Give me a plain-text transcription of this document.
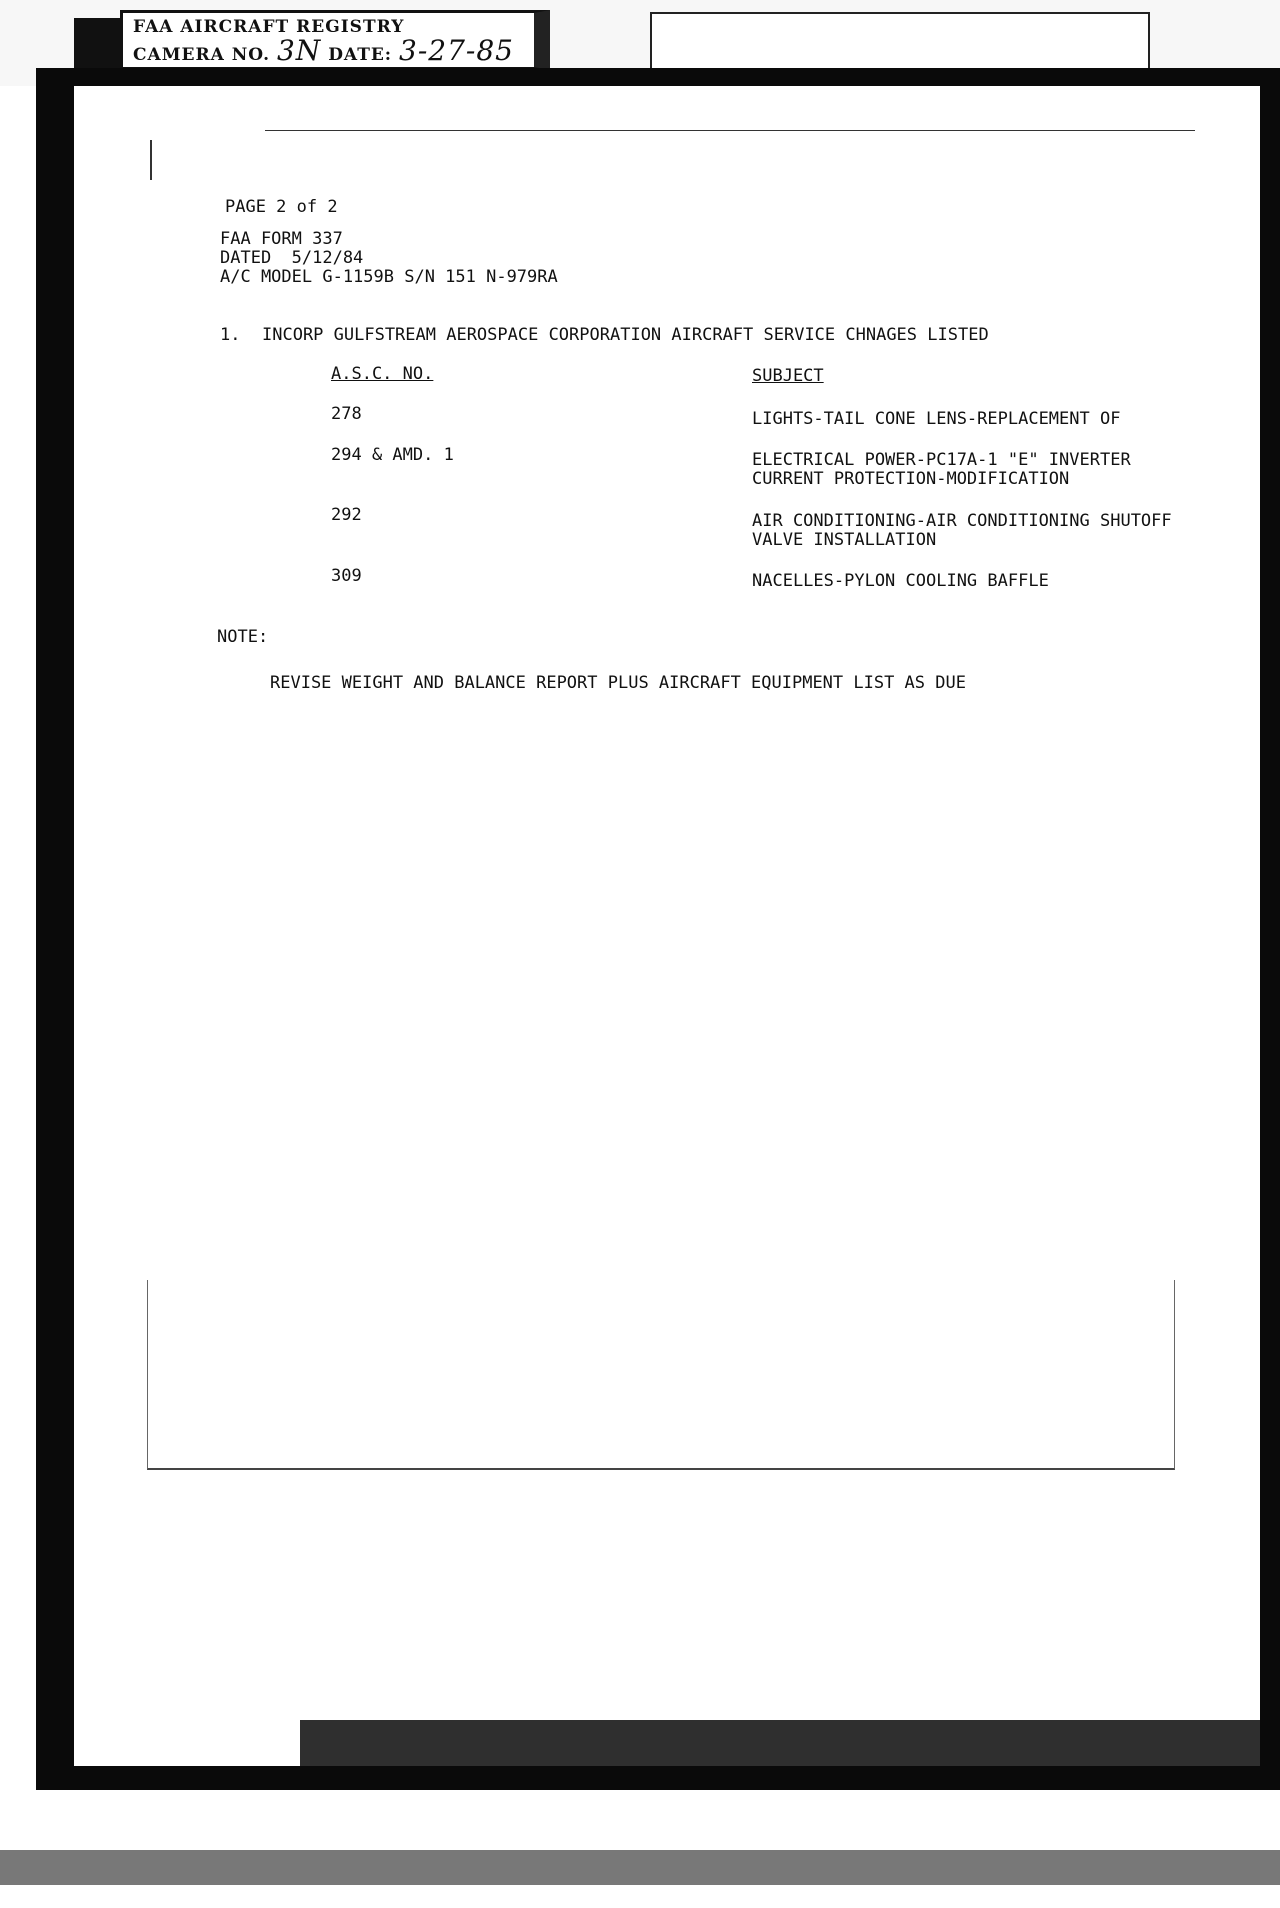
FAA AIRCRAFT REGISTRY
CAMERA NO. 3N DATE: 3-27-85
PAGE 2 of 2
FAA FORM 337
DATED  5/12/84
A/C MODEL G-1159B S/N 151 N-979RA
1. INCORP GULFSTREAM AEROSPACE CORPORATION AIRCRAFT SERVICE CHNAGES LISTED
A.S.C. NO.	SUBJECT
278	LIGHTS-TAIL CONE LENS-REPLACEMENT OF
294 & AMD. 1	ELECTRICAL POWER-PC17A-1 "E" INVERTER
CURRENT PROTECTION-MODIFICATION
292	AIR CONDITIONING-AIR CONDITIONING SHUTOFF
VALVE INSTALLATION
309	NACELLES-PYLON COOLING BAFFLE
NOTE:
REVISE WEIGHT AND BALANCE REPORT PLUS AIRCRAFT EQUIPMENT LIST AS DUE
